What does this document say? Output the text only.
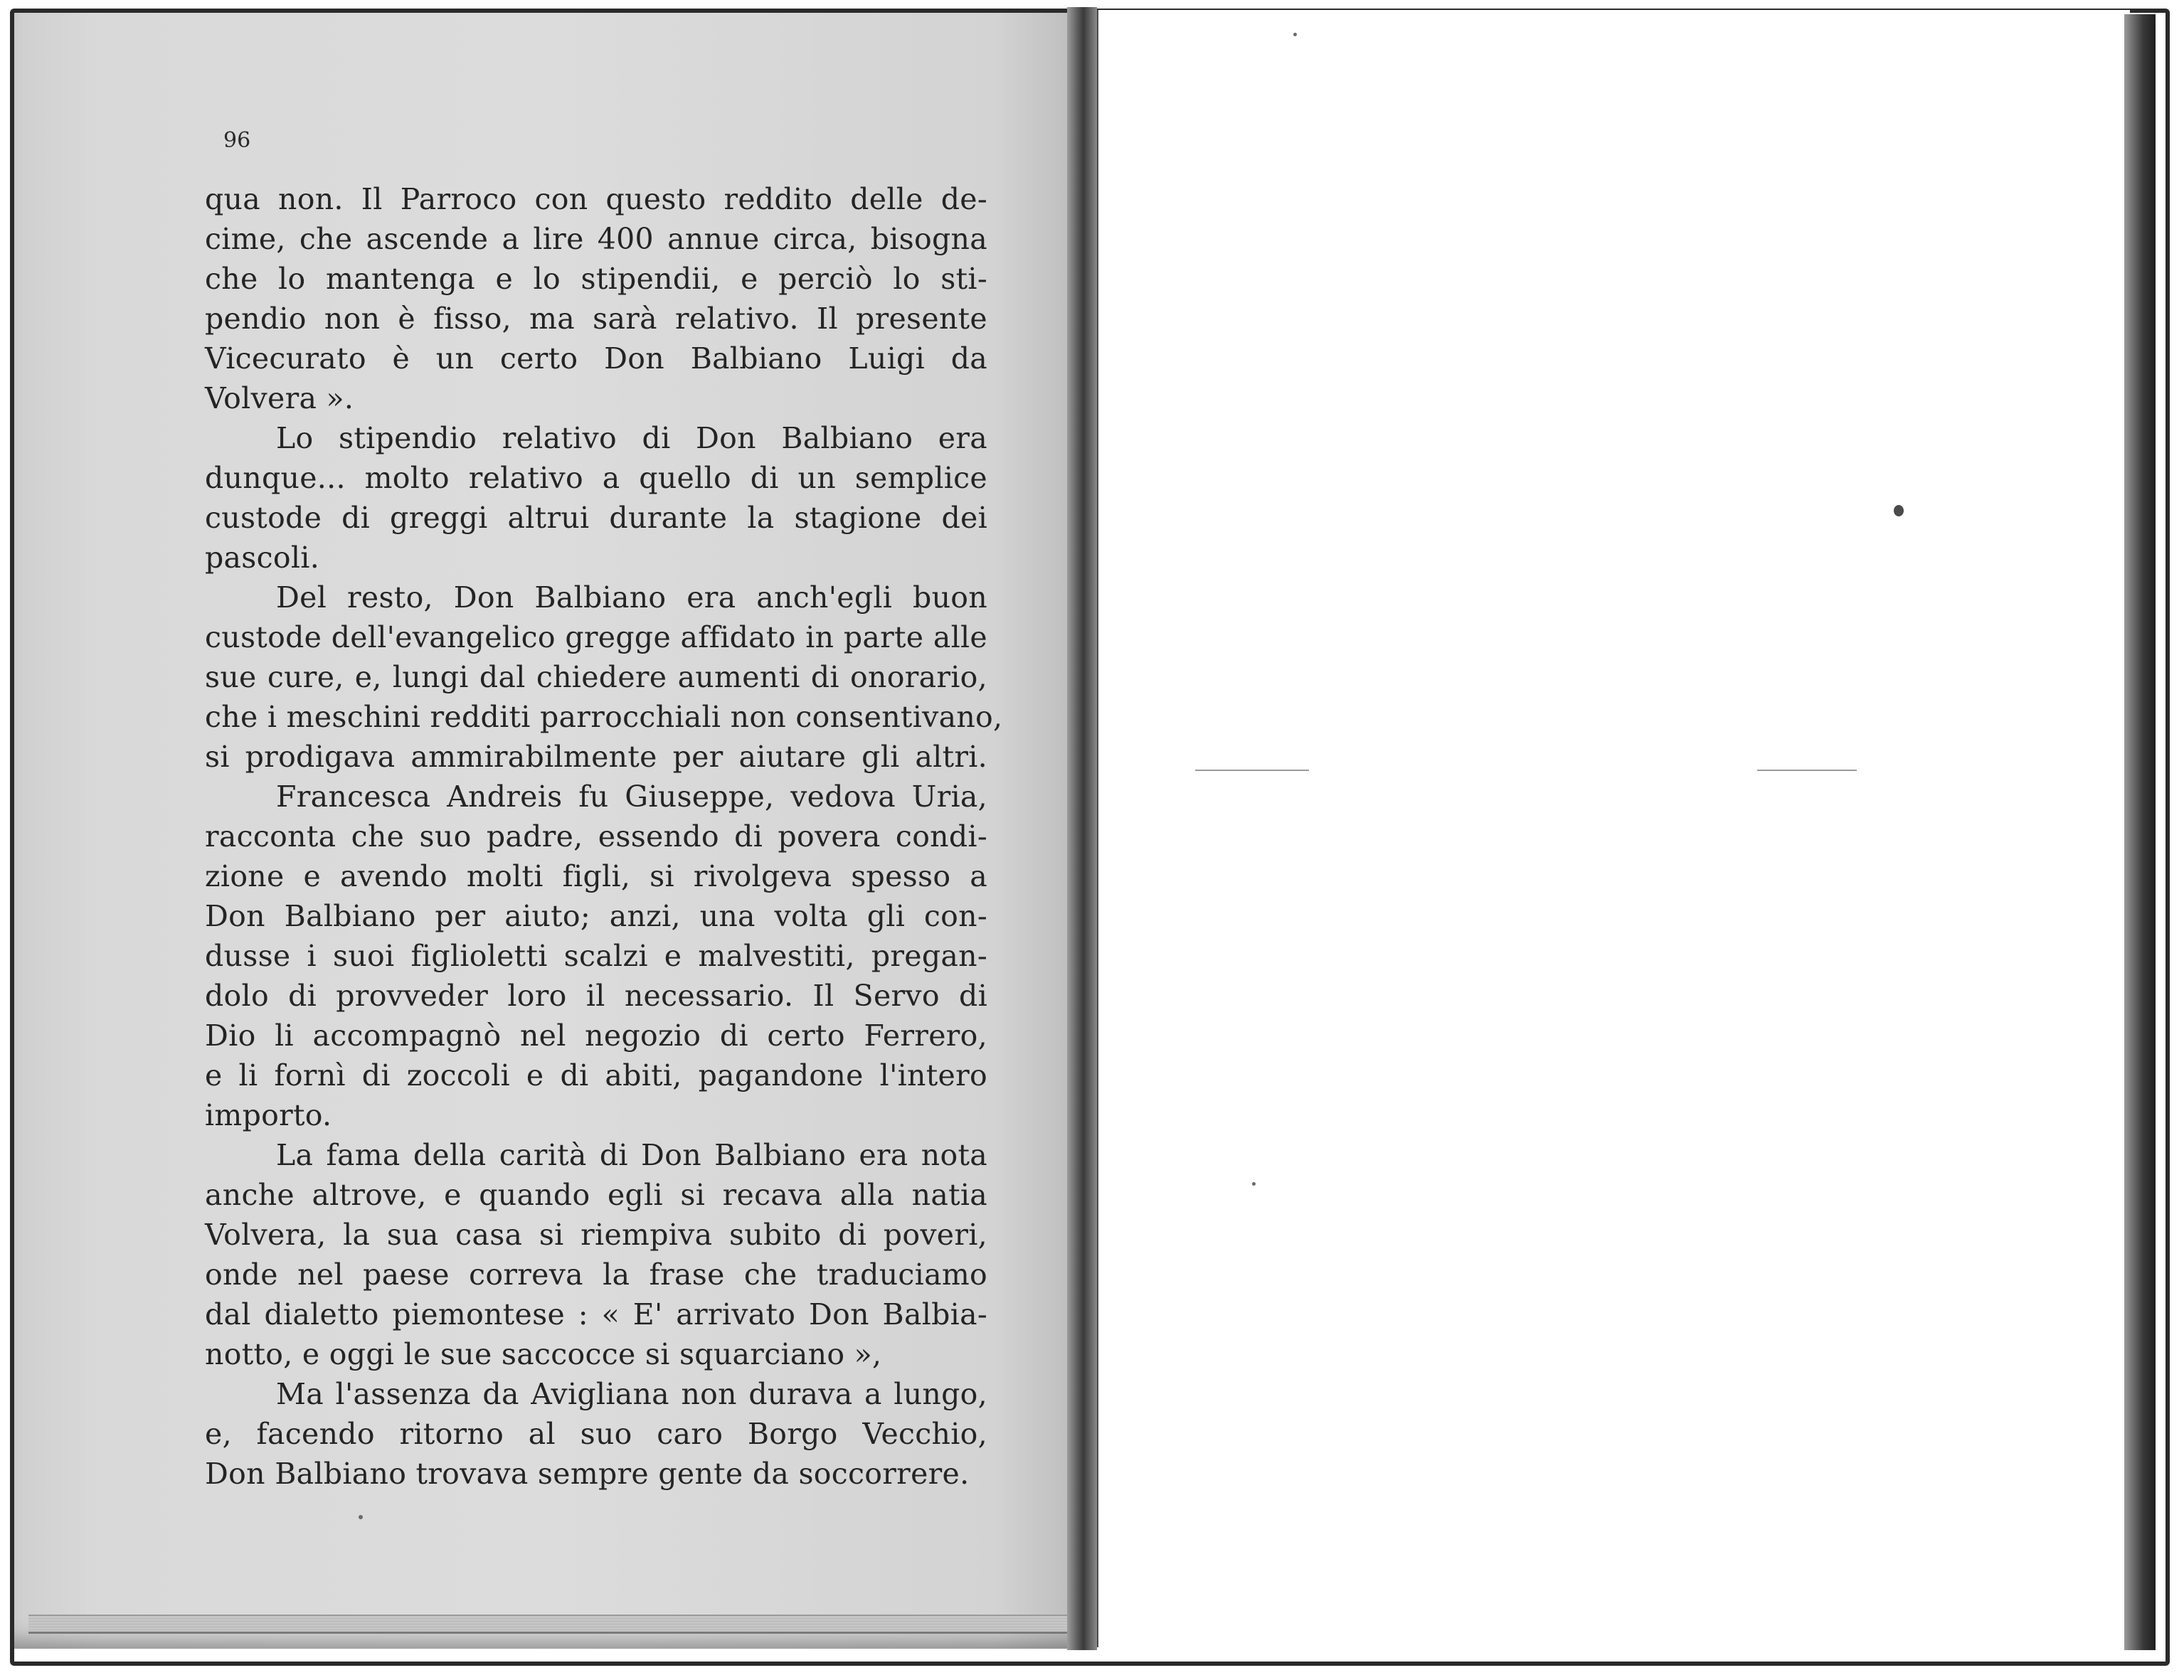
96
qua non. Il Parroco con questo reddito delle de-
cime, che ascende a lire 400 annue circa, bisogna
che lo mantenga e lo stipendii, e perciò lo sti-
pendio non è fisso, ma sarà relativo. Il presente
Vicecurato è un certo Don Balbiano Luigi da
Volvera ».
Lo stipendio relativo di Don Balbiano era
dunque... molto relativo a quello di un semplice
custode di greggi altrui durante la stagione dei
pascoli.
Del resto, Don Balbiano era anch'egli buon
custode dell'evangelico gregge affidato in parte alle
sue cure, e, lungi dal chiedere aumenti di onorario,
che i meschini redditi parrocchiali non consentivano,
si prodigava ammirabilmente per aiutare gli altri.
Francesca Andreis fu Giuseppe, vedova Uria,
racconta che suo padre, essendo di povera condi-
zione e avendo molti figli, si rivolgeva spesso a
Don Balbiano per aiuto; anzi, una volta gli con-
dusse i suoi figlioletti scalzi e malvestiti, pregan-
dolo di provveder loro il necessario. Il Servo di
Dio li accompagnò nel negozio di certo Ferrero,
e li fornì di zoccoli e di abiti, pagandone l'intero
importo.
La fama della carità di Don Balbiano era nota
anche altrove, e quando egli si recava alla natia
Volvera, la sua casa si riempiva subito di poveri,
onde nel paese correva la frase che traduciamo
dal dialetto piemontese : « E' arrivato Don Balbia-
notto, e oggi le sue saccocce si squarciano »,
Ma l'assenza da Avigliana non durava a lungo,
e, facendo ritorno al suo caro Borgo Vecchio,
Don Balbiano trovava sempre gente da soccorrere.
